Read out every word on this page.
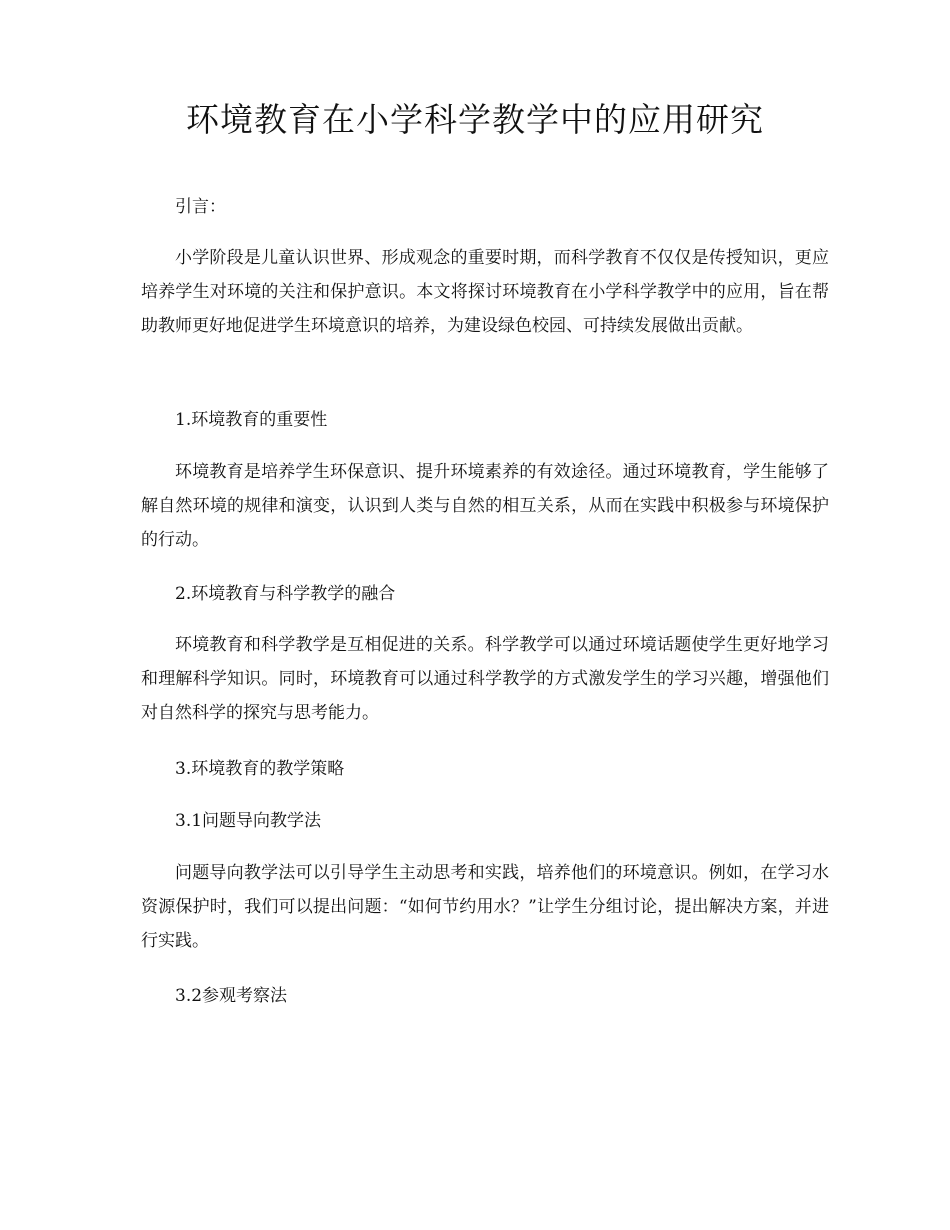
环境教育在小学科学教学中的应用研究

引言：

小学阶段是儿童认识世界、形成观念的重要时期，而科学教育不仅仅是传授知识，更应培养学生对环境的关注和保护意识。本文将探讨环境教育在小学科学教学中的应用，旨在帮助教师更好地促进学生环境意识的培养，为建设绿色校园、可持续发展做出贡献。

1.环境教育的重要性

环境教育是培养学生环保意识、提升环境素养的有效途径。通过环境教育，学生能够了解自然环境的规律和演变，认识到人类与自然的相互关系，从而在实践中积极参与环境保护的行动。

2.环境教育与科学教学的融合

环境教育和科学教学是互相促进的关系。科学教学可以通过环境话题使学生更好地学习和理解科学知识。同时，环境教育可以通过科学教学的方式激发学生的学习兴趣，增强他们对自然科学的探究与思考能力。

3.环境教育的教学策略

3.1问题导向教学法

问题导向教学法可以引导学生主动思考和实践，培养他们的环境意识。例如，在学习水资源保护时，我们可以提出问题：“如何节约用水？”让学生分组讨论，提出解决方案，并进行实践。

3.2参观考察法
